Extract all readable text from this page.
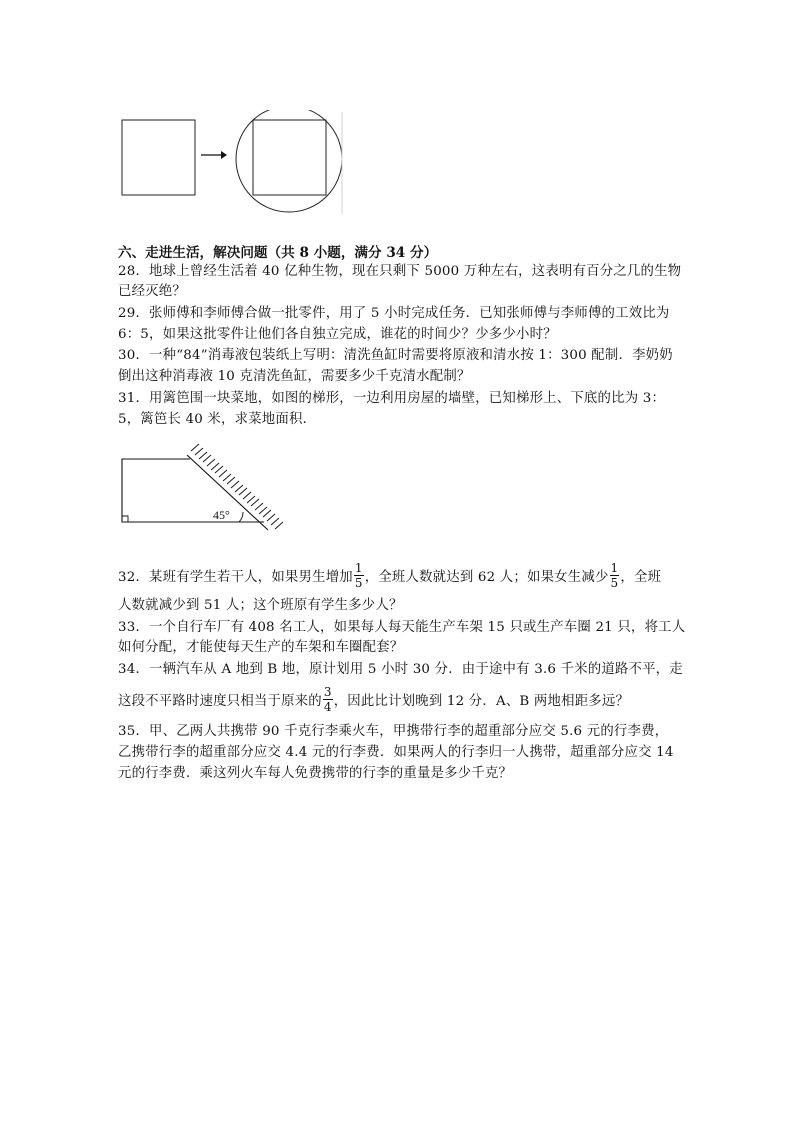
六、走进生活，解决问题（共 8 小题，满分 34 分）
28．地球上曾经生活着 40 亿种生物，现在只剩下 5000 万种左右，这表明有百分之几的生物
已经灭绝？
29．张师傅和李师傅合做一批零件，用了 5 小时完成任务．已知张师傅与李师傅的工效比为
6：5，如果这批零件让他们各自独立完成，谁花的时间少？少多少小时？
30．一种“84”消毒液包装纸上写明：清洗鱼缸时需要将原液和清水按 1：300 配制．李奶奶
倒出这种消毒液 10 克清洗鱼缸，需要多少千克清水配制？
31．用篱笆围一块菜地，如图的梯形，一边利用房屋的墙壁，已知梯形上、下底的比为 3：
5，篱笆长 40 米，求菜地面积．
45°
32．某班有学生若干人，如果男生增加 $\frac{1}{5}$ ，全班人数就达到 62 人；如果女生减少 $\frac{1}{5}$ ，全班
人数就减少到 51 人；这个班原有学生多少人？
33．一个自行车厂有 408 名工人，如果每人每天能生产车架 15 只或生产车圈 21 只，将工人
如何分配，才能使每天生产的车架和车圈配套？
34．一辆汽车从 A 地到 B 地，原计划用 5 小时 30 分．由于途中有 3.6 千米的道路不平，走
这段不平路时速度只相当于原来的 $\frac{3}{4}$ ，因此比计划晚到 12 分．A、B 两地相距多远？
35．甲、乙两人共携带 90 千克行李乘火车，甲携带行李的超重部分应交 5.6 元的行李费，
乙携带行李的超重部分应交 4.4 元的行李费．如果两人的行李归一人携带，超重部分应交 14
元的行李费．乘这列火车每人免费携带的行李的重量是多少千克？
